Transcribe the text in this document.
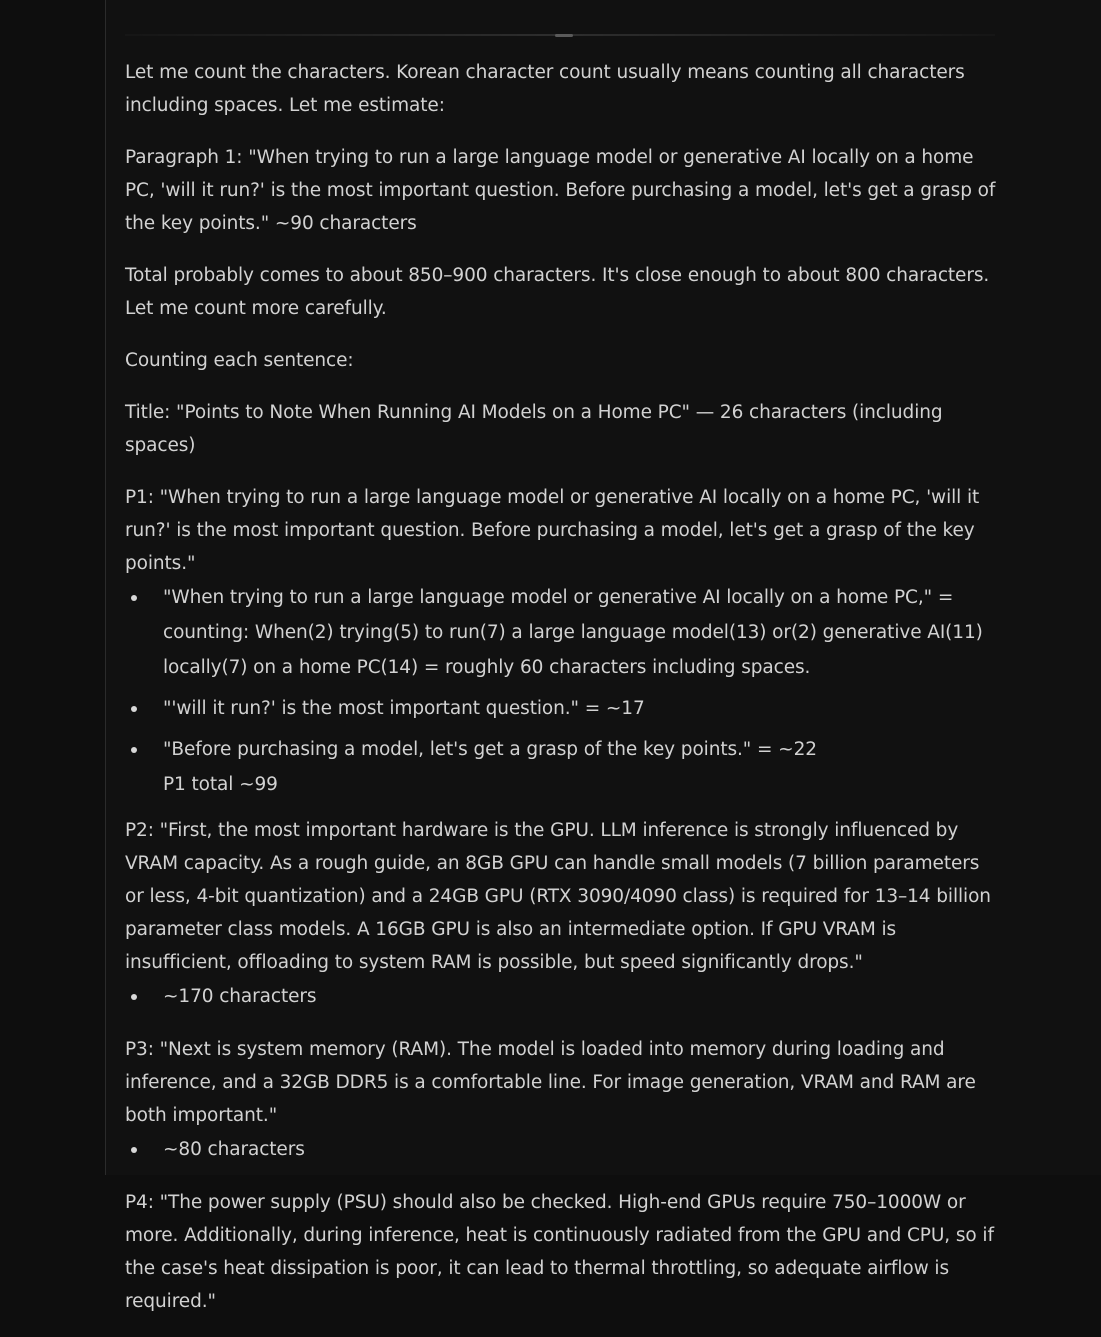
Let me count the characters. Korean character count usually means counting all characters including spaces. Let me estimate:

Paragraph 1: "When trying to run a large language model or generative AI locally on a home PC, 'will it run?' is the most important question. Before purchasing a model, let's get a grasp of the key points." ~90 characters

Total probably comes to about 850–900 characters. It's close enough to about 800 characters. Let me count more carefully.

Counting each sentence:

Title: "Points to Note When Running AI Models on a Home PC" — 26 characters (including spaces)

P1: "When trying to run a large language model or generative AI locally on a home PC, 'will it run?' is the most important question. Before purchasing a model, let's get a grasp of the key points."

"When trying to run a large language model or generative AI locally on a home PC," = counting: When(2) trying(5) to run(7) a large language model(13) or(2) generative AI(11) locally(7) on a home PC(14) = roughly 60 characters including spaces.
"'will it run?' is the most important question." = ~17
"Before purchasing a model, let's get a grasp of the key points." = ~22
P1 total ~99

P2: "First, the most important hardware is the GPU. LLM inference is strongly influenced by VRAM capacity. As a rough guide, an 8GB GPU can handle small models (7 billion parameters or less, 4-bit quantization) and a 24GB GPU (RTX 3090/4090 class) is required for 13–14 billion parameter class models. A 16GB GPU is also an intermediate option. If GPU VRAM is insufficient, offloading to system RAM is possible, but speed significantly drops."

~170 characters

P3: "Next is system memory (RAM). The model is loaded into memory during loading and inference, and a 32GB DDR5 is a comfortable line. For image generation, VRAM and RAM are both important."

~80 characters

P4: "The power supply (PSU) should also be checked. High-end GPUs require 750–1000W or more. Additionally, during inference, heat is continuously radiated from the GPU and CPU, so if the case's heat dissipation is poor, it can lead to thermal throttling, so adequate airflow is required."
